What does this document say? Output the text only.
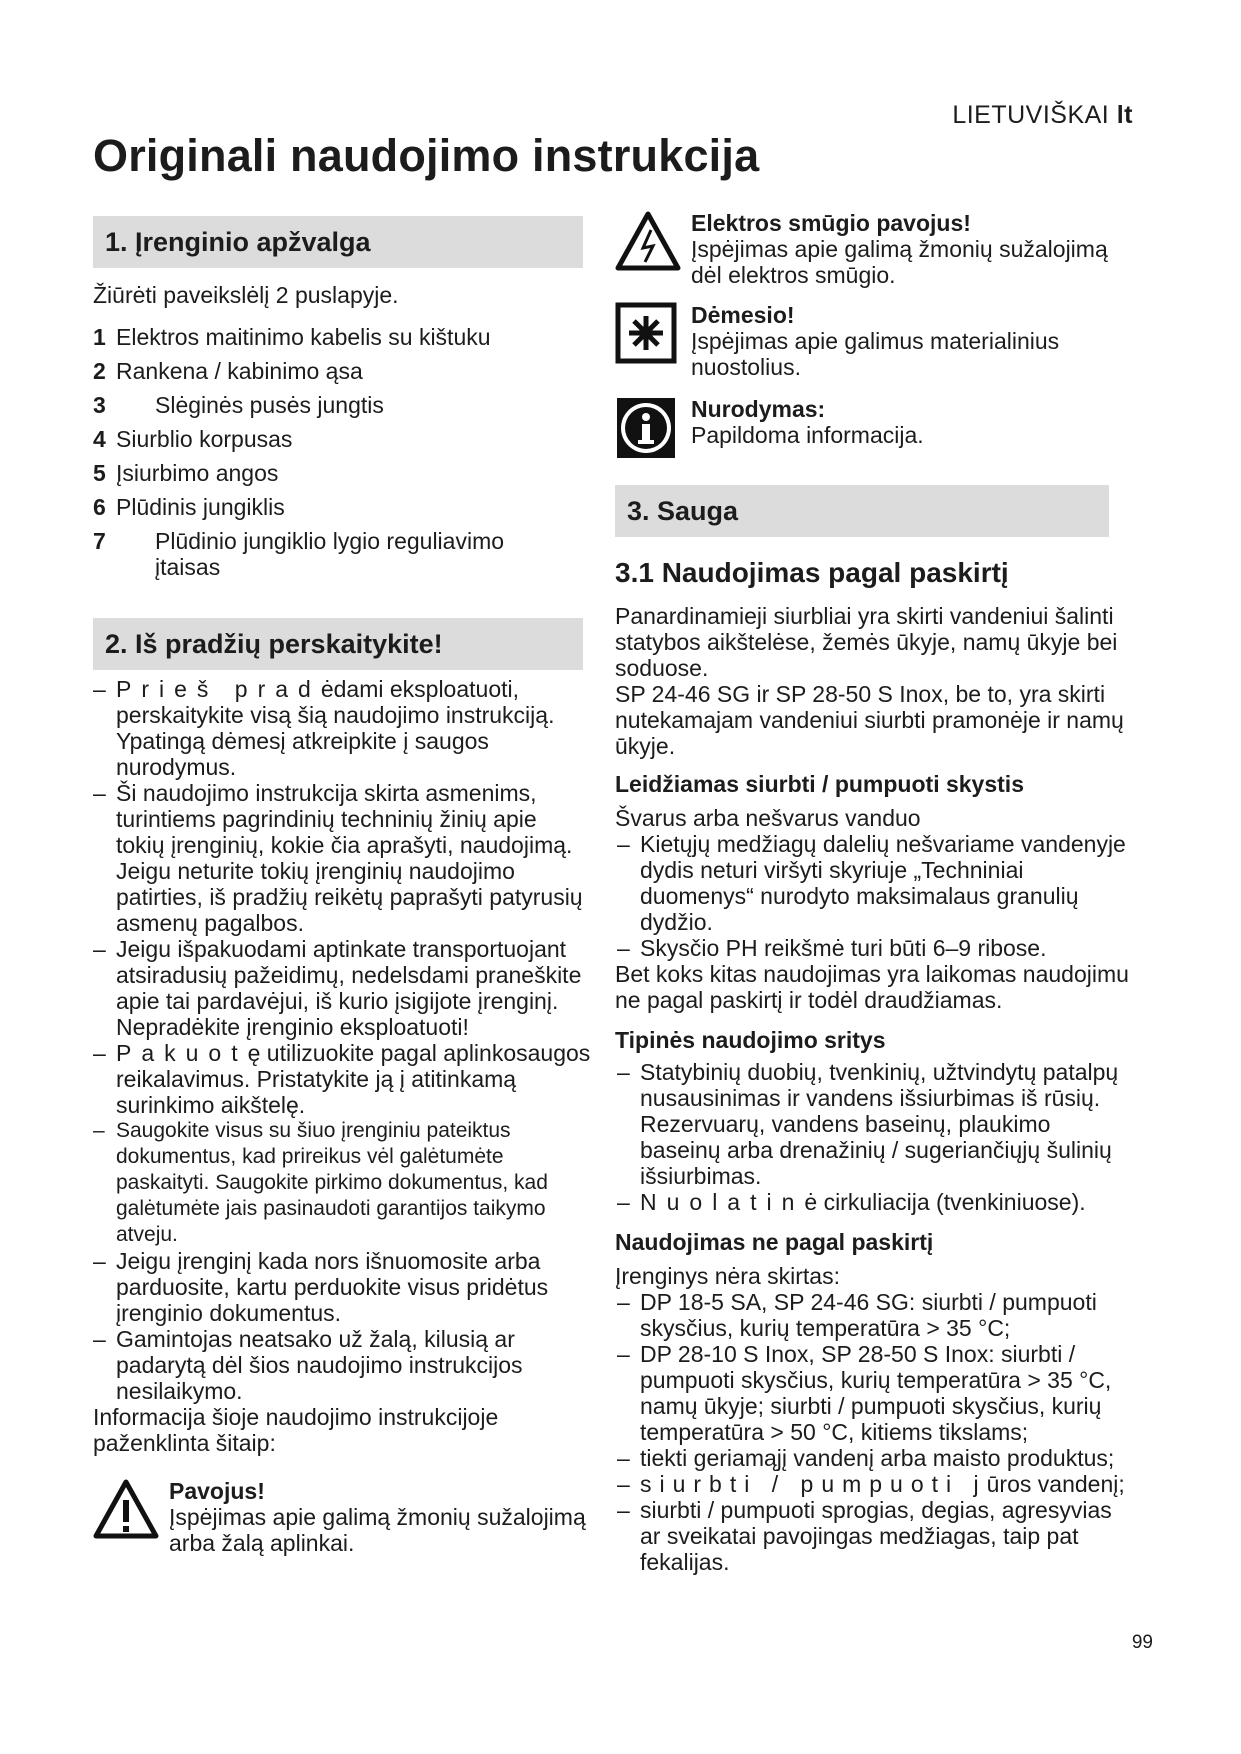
LIETUVIŠKAI lt
Originali naudojimo instrukcija
1. Įrenginio apžvalga
Žiūrėti paveikslėlį 2 puslapyje.
1 Elektros maitinimo kabelis su kištuku
2 Rankena / kabinimo ąsa
3	Slėginės pusės jungtis
4 Siurblio korpusas
5 Įsiurbimo angos
6 Plūdinis jungiklis
7	Plūdinio jungiklio lygio reguliavimo įtaisas
2. Iš pradžių perskaitykite!
– Prieš pradėdami eksploatuoti, perskaitykite visą šią naudojimo instrukciją. Ypatingą dėmesį atkreipkite į saugos nurodymus.
– Ši naudojimo instrukcija skirta asmenims, turintiems pagrindinių techninių žinių apie tokių įrenginių, kokie čia aprašyti, naudojimą. Jeigu neturite tokių įrenginių naudojimo patirties, iš pradžių reikėtų paprašyti patyrusių asmenų pagalbos.
– Jeigu išpakuodami aptinkate transportuojant atsiradusių pažeidimų, nedelsdami praneškite apie tai pardavėjui, iš kurio įsigijote įrenginį. Nepradėkite įrenginio eksploatuoti!
– Pakuotę utilizuokite pagal aplinkosaugos reikalavimus. Pristatykite ją į atitinkamą surinkimo aikštelę.
– Saugokite visus su šiuo įrenginiu pateiktus dokumentus, kad prireikus vėl galėtumėte paskaityti. Saugokite pirkimo dokumentus, kad galėtumėte jais pasinaudoti garantijos taikymo atveju.
– Jeigu įrenginį kada nors išnuomosite arba parduosite, kartu perduokite visus pridėtus įrenginio dokumentus.
– Gamintojas neatsako už žalą, kilusią ar padarytą dėl šios naudojimo instrukcijos nesilaikymo.
Informacija šioje naudojimo instrukcijoje paženklinta šitaip:
Pavojus!
Įspėjimas apie galimą žmonių sužalojimą arba žalą aplinkai.
Elektros smūgio pavojus!
Įspėjimas apie galimą žmonių sužalojimą dėl elektros smūgio.
Dėmesio!
Įspėjimas apie galimus materialinius nuostolius.
Nurodymas:
Papildoma informacija.
3. Sauga
3.1 Naudojimas pagal paskirtį
Panardinamieji siurbliai yra skirti vandeniui šalinti statybos aikštelėse, žemės ūkyje, namų ūkyje bei soduose.
SP 24-46 SG ir SP 28-50 S Inox, be to, yra skirti nutekamajam vandeniui siurbti pramonėje ir namų ūkyje.
Leidžiamas siurbti / pumpuoti skystis
Švarus arba nešvarus vanduo
– Kietųjų medžiagų dalelių nešvariame vandenyje dydis neturi viršyti skyriuje „Techniniai duomenys“ nurodyto maksimalaus granulių dydžio.
– Skysčio PH reikšmė turi būti 6–9 ribose.
Bet koks kitas naudojimas yra laikomas naudojimu ne pagal paskirtį ir todėl draudžiamas.
Tipinės naudojimo sritys
– Statybinių duobių, tvenkinių, užtvindytų patalpų nusausinimas ir vandens išsiurbimas iš rūsių. Rezervuarų, vandens baseinų, plaukimo baseinų arba drenažinių / sugeriančiųjų šulinių išsiurbimas.
– Nuolatinė cirkuliacija (tvenkiniuose).
Naudojimas ne pagal paskirtį
Įrenginys nėra skirtas:
– DP 18-5 SA, SP 24-46 SG: siurbti / pumpuoti skysčius, kurių temperatūra > 35 °C;
– DP 28-10 S Inox, SP 28-50 S Inox: siurbti / pumpuoti skysčius, kurių temperatūra > 35 °C, namų ūkyje; siurbti / pumpuoti skysčius, kurių temperatūra > 50 °C, kitiems tikslams;
– tiekti geriamąjį vandenį arba maisto produktus;
– siurbti / pumpuoti jūros vandenį;
– siurbti / pumpuoti sprogias, degias, agresyvias ar sveikatai pavojingas medžiagas, taip pat fekalijas.
99
